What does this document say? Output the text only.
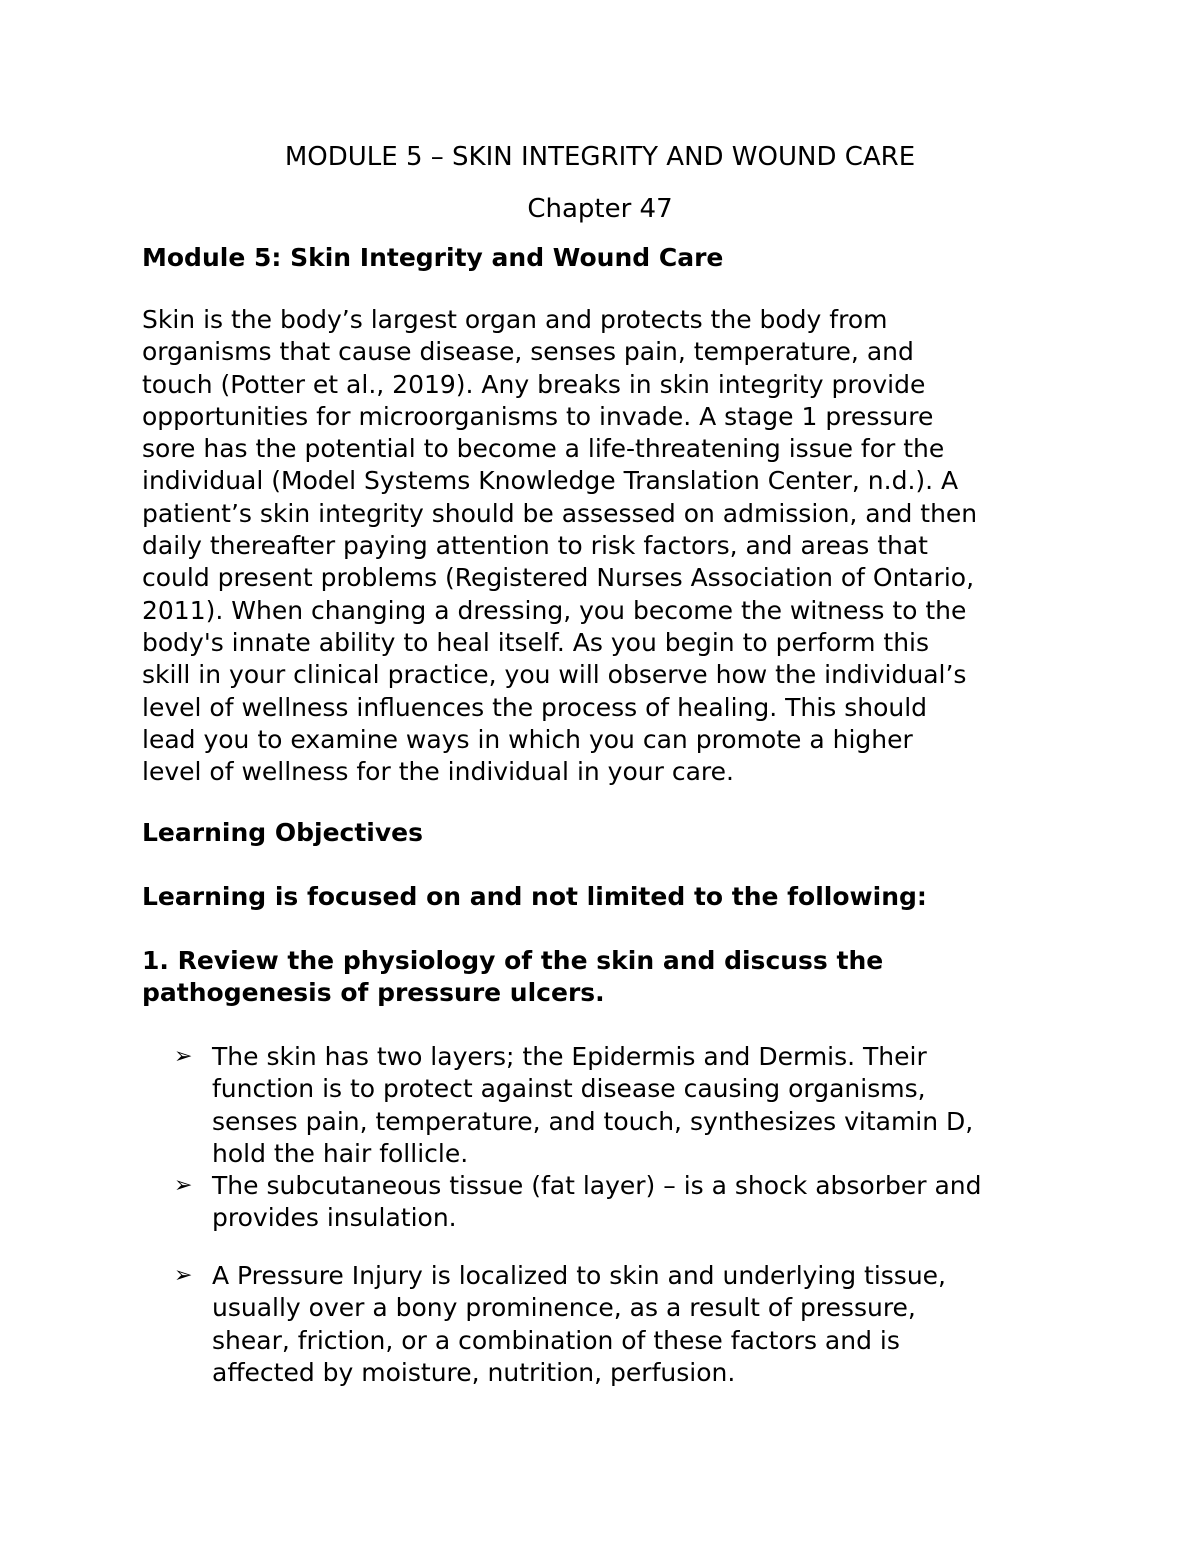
MODULE 5 – SKIN INTEGRITY AND WOUND CARE
Chapter 47
Module 5: Skin Integrity and Wound Care
Skin is the body’s largest organ and protects the body from
organisms that cause disease, senses pain, temperature, and
touch (Potter et al., 2019). Any breaks in skin integrity provide
opportunities for microorganisms to invade. A stage 1 pressure
sore has the potential to become a life-threatening issue for the
individual (Model Systems Knowledge Translation Center, n.d.). A
patient’s skin integrity should be assessed on admission, and then
daily thereafter paying attention to risk factors, and areas that
could present problems (Registered Nurses Association of Ontario,
2011). When changing a dressing, you become the witness to the
body's innate ability to heal itself. As you begin to perform this
skill in your clinical practice, you will observe how the individual’s
level of wellness influences the process of healing. This should
lead you to examine ways in which you can promote a higher
level of wellness for the individual in your care.
Learning Objectives
Learning is focused on and not limited to the following:
1. Review the physiology of the skin and discuss the
pathogenesis of pressure ulcers.
➢ The skin has two layers; the Epidermis and Dermis. Their
function is to protect against disease causing organisms,
senses pain, temperature, and touch, synthesizes vitamin D,
hold the hair follicle.
➢ The subcutaneous tissue (fat layer) – is a shock absorber and
provides insulation.
➢ A Pressure Injury is localized to skin and underlying tissue,
usually over a bony prominence, as a result of pressure,
shear, friction, or a combination of these factors and is
affected by moisture, nutrition, perfusion.
